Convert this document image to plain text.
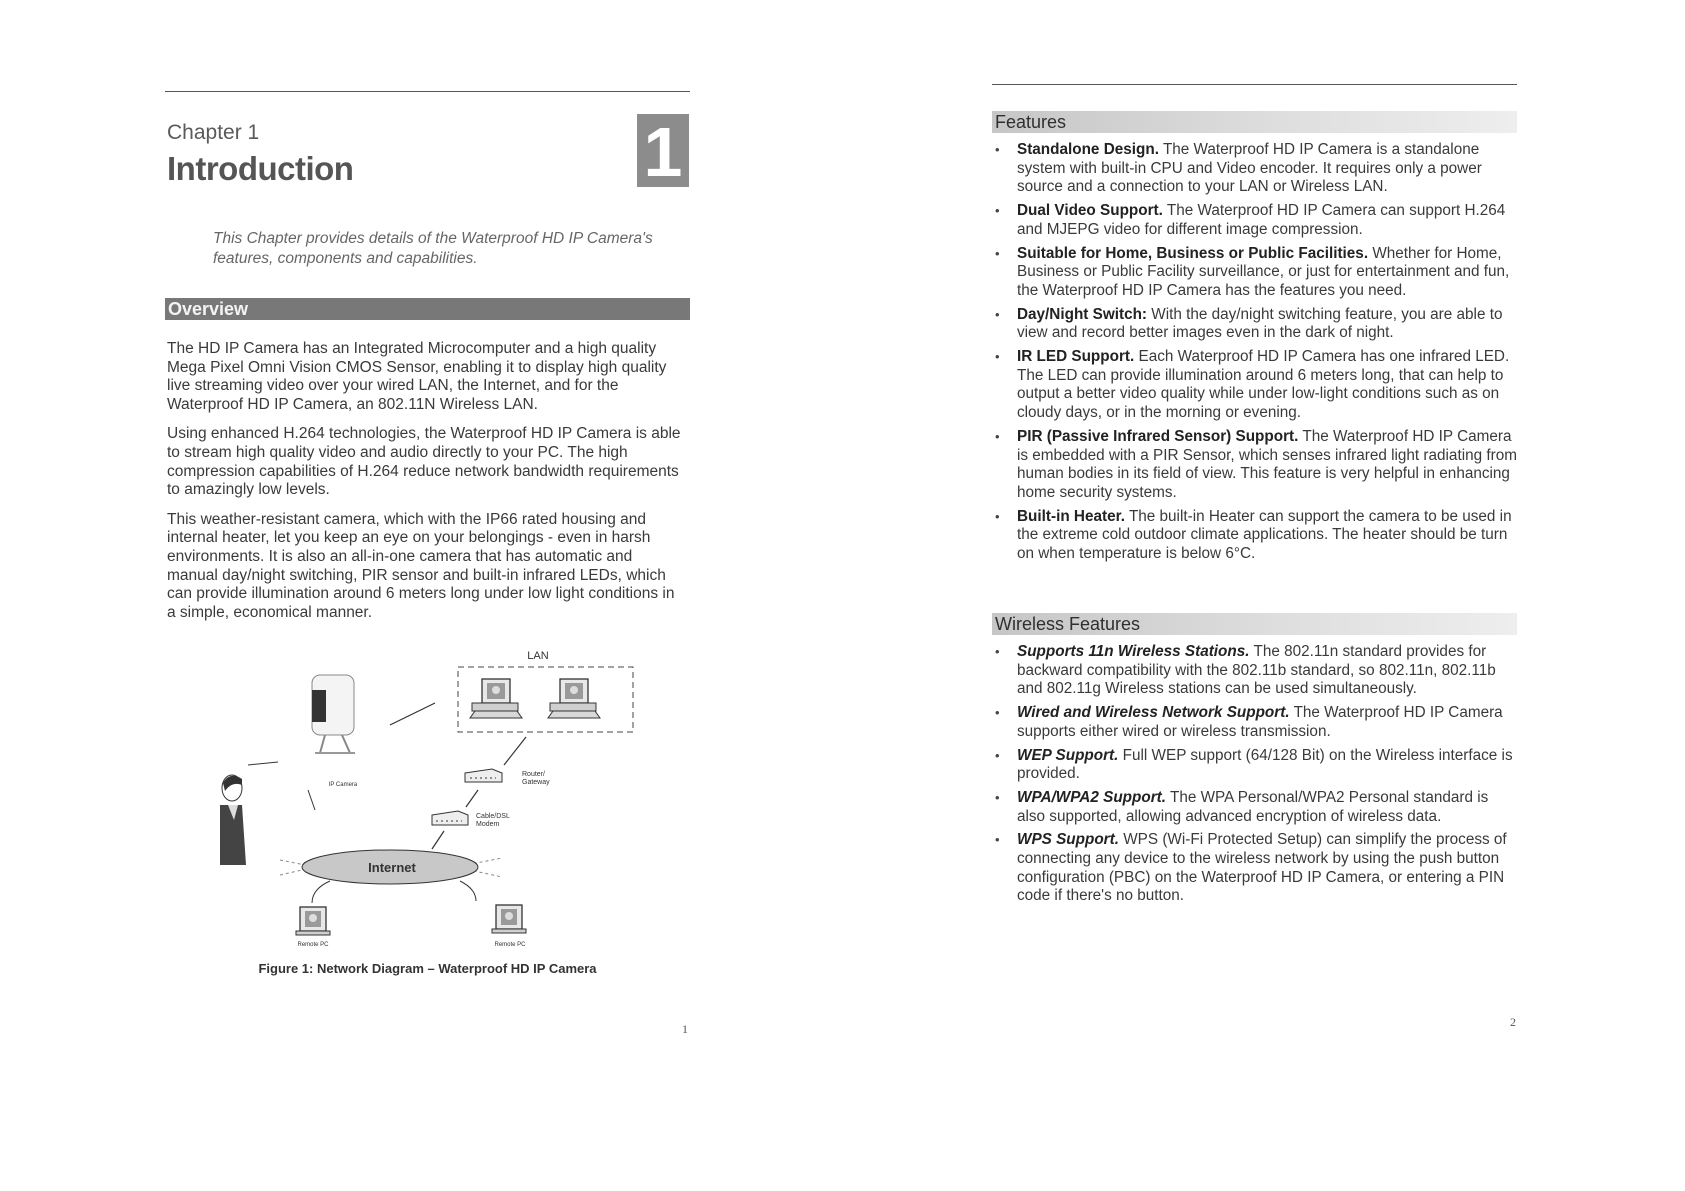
Chapter 1
Introduction	1
This Chapter provides details of the Waterproof HD IP Camera's features, components and capabilities.
Overview

The HD IP Camera has an Integrated Microcomputer and a high quality Mega Pixel Omni Vision CMOS Sensor, enabling it to display high quality live streaming video over your wired LAN, the Internet, and for the Waterproof HD IP Camera, an 802.11N Wireless LAN.

Using enhanced H.264 technologies, the Waterproof HD IP Camera is able to stream high quality video and audio directly to your PC. The high compression capabilities of H.264 reduce network bandwidth requirements to amazingly low levels.

This weather-resistant camera, which with the IP66 rated housing and internal heater, let you keep an eye on your belongings - even in harsh environments. It is also an all-in-one camera that has automatic and manual day/night switching, PIR sensor and built-in infrared LEDs, which can provide illumination around 6 meters long under low light conditions in a simple, economical manner.

LAN
IP Camera
Router/
Gateway
Cable/DSL
Modem
Internet
Remote PC	Remote PC
Figure 1: Network Diagram – Waterproof HD IP Camera
1
Features
• Standalone Design. The Waterproof HD IP Camera is a standalone system with built-in CPU and Video encoder. It requires only a power source and a connection to your LAN or Wireless LAN.
• Dual Video Support. The Waterproof HD IP Camera can support H.264 and MJEPG video for different image compression.
• Suitable for Home, Business or Public Facilities. Whether for Home, Business or Public Facility surveillance, or just for entertainment and fun, the Waterproof HD IP Camera has the features you need.
• Day/Night Switch: With the day/night switching feature, you are able to view and record better images even in the dark of night.
• IR LED Support. Each Waterproof HD IP Camera has one infrared LED. The LED can provide illumination around 6 meters long, that can help to output a better video quality while under low-light conditions such as on cloudy days, or in the morning or evening.
• PIR (Passive Infrared Sensor) Support. The Waterproof HD IP Camera is embedded with a PIR Sensor, which senses infrared light radiating from human bodies in its field of view. This feature is very helpful in enhancing home security systems.
• Built-in Heater. The built-in Heater can support the camera to be used in the extreme cold outdoor climate applications. The heater should be turn on when temperature is below 6°C.
Wireless Features
• Supports 11n Wireless Stations. The 802.11n standard provides for backward compatibility with the 802.11b standard, so 802.11n, 802.11b and 802.11g Wireless stations can be used simultaneously.
• Wired and Wireless Network Support. The Waterproof HD IP Camera supports either wired or wireless transmission.
• WEP Support. Full WEP support (64/128 Bit) on the Wireless interface is provided.
• WPA/WPA2 Support. The WPA Personal/WPA2 Personal standard is also supported, allowing advanced encryption of wireless data.
• WPS Support. WPS (Wi-Fi Protected Setup) can simplify the process of connecting any device to the wireless network by using the push button configuration (PBC) on the Waterproof HD IP Camera, or entering a PIN code if there's no button.
2
